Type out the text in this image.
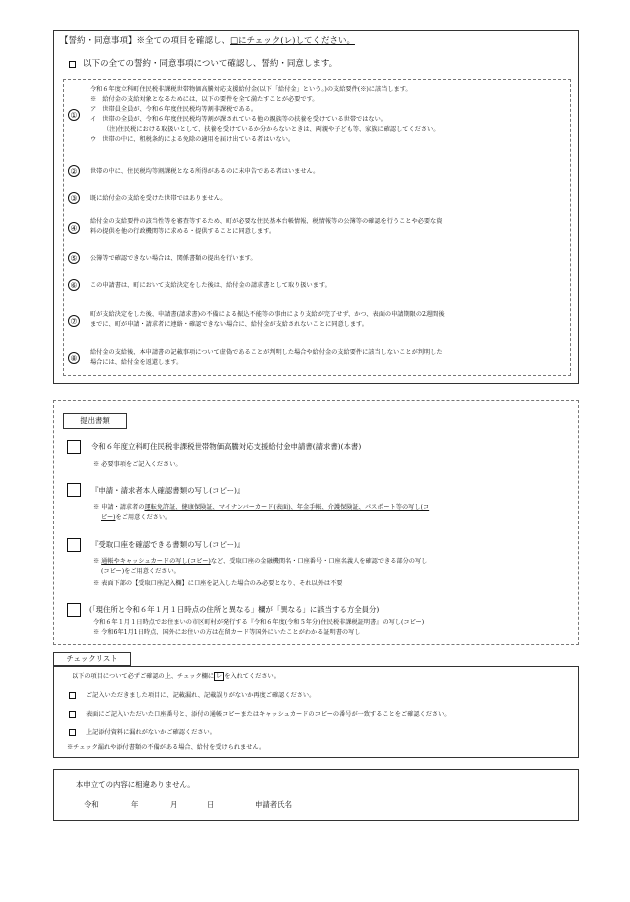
【誓約・同意事項】※全ての項目を確認し、□にチェック(レ)してください。
以下の全ての誓約・同意事項について確認し、誓約・同意します。
①
令和６年度立科町住民税非課税世帯物価高騰対応支援給付金(以下「給付金」という。)の支給要件(※)に該当します。
※　給付金の支給対象となるためには、以下の要件を全て満たすことが必要です。
ア　世帯員全員が、令和６年度住民税均等割非課税である。
イ　世帯の全員が、令和６年度住民税均等割が課されている他の親族等の扶養を受けている世帯ではない。
（注)住民税における取扱いとして、扶養を受けているか分からないときは、両親や子ども等、家族に確認してください。
ウ　世帯の中に、租税条約による免除の適用を届け出ている者はいない。
②	世帯の中に、住民税均等割課税となる所得があるのに未申告である者はいません。
③	既に給付金の支給を受けた世帯ではありません。
④
給付金の支給要件の該当性等を審査等するため、町が必要な住民基本台帳情報、税情報等の公簿等の確認を行うことや必要な資
料の提供を他の行政機関等に求める・提供することに同意します。
⑤	公簿等で確認できない場合は、関係書類の提出を行います。
⑥	この申請書は、町において支給決定をした後は、給付金の請求書として取り扱います。
⑦
町が支給決定をした後、申請書(請求書)の不備による振込不能等の事由により支給が完了せず、かつ、表面の申請期限の2週間後
までに、町が申請・請求者に連絡・確認できない場合に、給付金が支給されないことに同意します。
⑧
給付金の支給後、本申請書の記載事項について虚偽であることが判明した場合や給付金の支給要件に該当しないことが判明した
場合には、給付金を返還します。
提出書類
令和６年度立科町住民税非課税世帯物価高騰対応支援給付金申請書(請求書)(本書)
※ 必要事項をご記入ください。
『申請・請求者本人確認書類の写し(コピー)』
※ 申請・請求者の運転免許証、健康保険証、マイナンバーカード(表面)、年金手帳、介護保険証、パスポート等の写し(コ
ピー)をご用意ください。
『受取口座を確認できる書類の写し(コピー)』
※ 通帳やキャッシュカードの写し(コピー)など、受取口座の金融機関名・口座番号・口座名義人を確認できる部分の写し
(コピー)をご用意ください。
※ 表面下部の【受取口座記入欄】に口座を記入した場合のみ必要となり、それ以外は不要
(「現住所と令和６年１月１日時点の住所と異なる」欄が「異なる」に該当する方全員分)
令和６年１月１日時点でお住まいの市区町村が発行する『令和６年度(令和５年分)住民税非課税証明書』の写し(コピー)
※ 令和6年1月1日時点、国外にお住いの方は在留カード等国外にいたことがわかる証明書の写し
チェックリスト
以下の項目について必ずご確認の上、チェック欄に レ を入れてください。
ご記入いただきました項目に、記載漏れ、記載誤りがないか再度ご確認ください。
表面にご記入いただいた口座番号と、添付の通帳コピーまたはキャッシュカードのコピーの番号が一致することをご確認ください。
上記添付資料に漏れがないかご確認ください。
※チェック漏れや添付書類の不備がある場合、給付を受けられません。
本申立ての内容に相違ありません。
令和	年	月	日	申請者氏名
